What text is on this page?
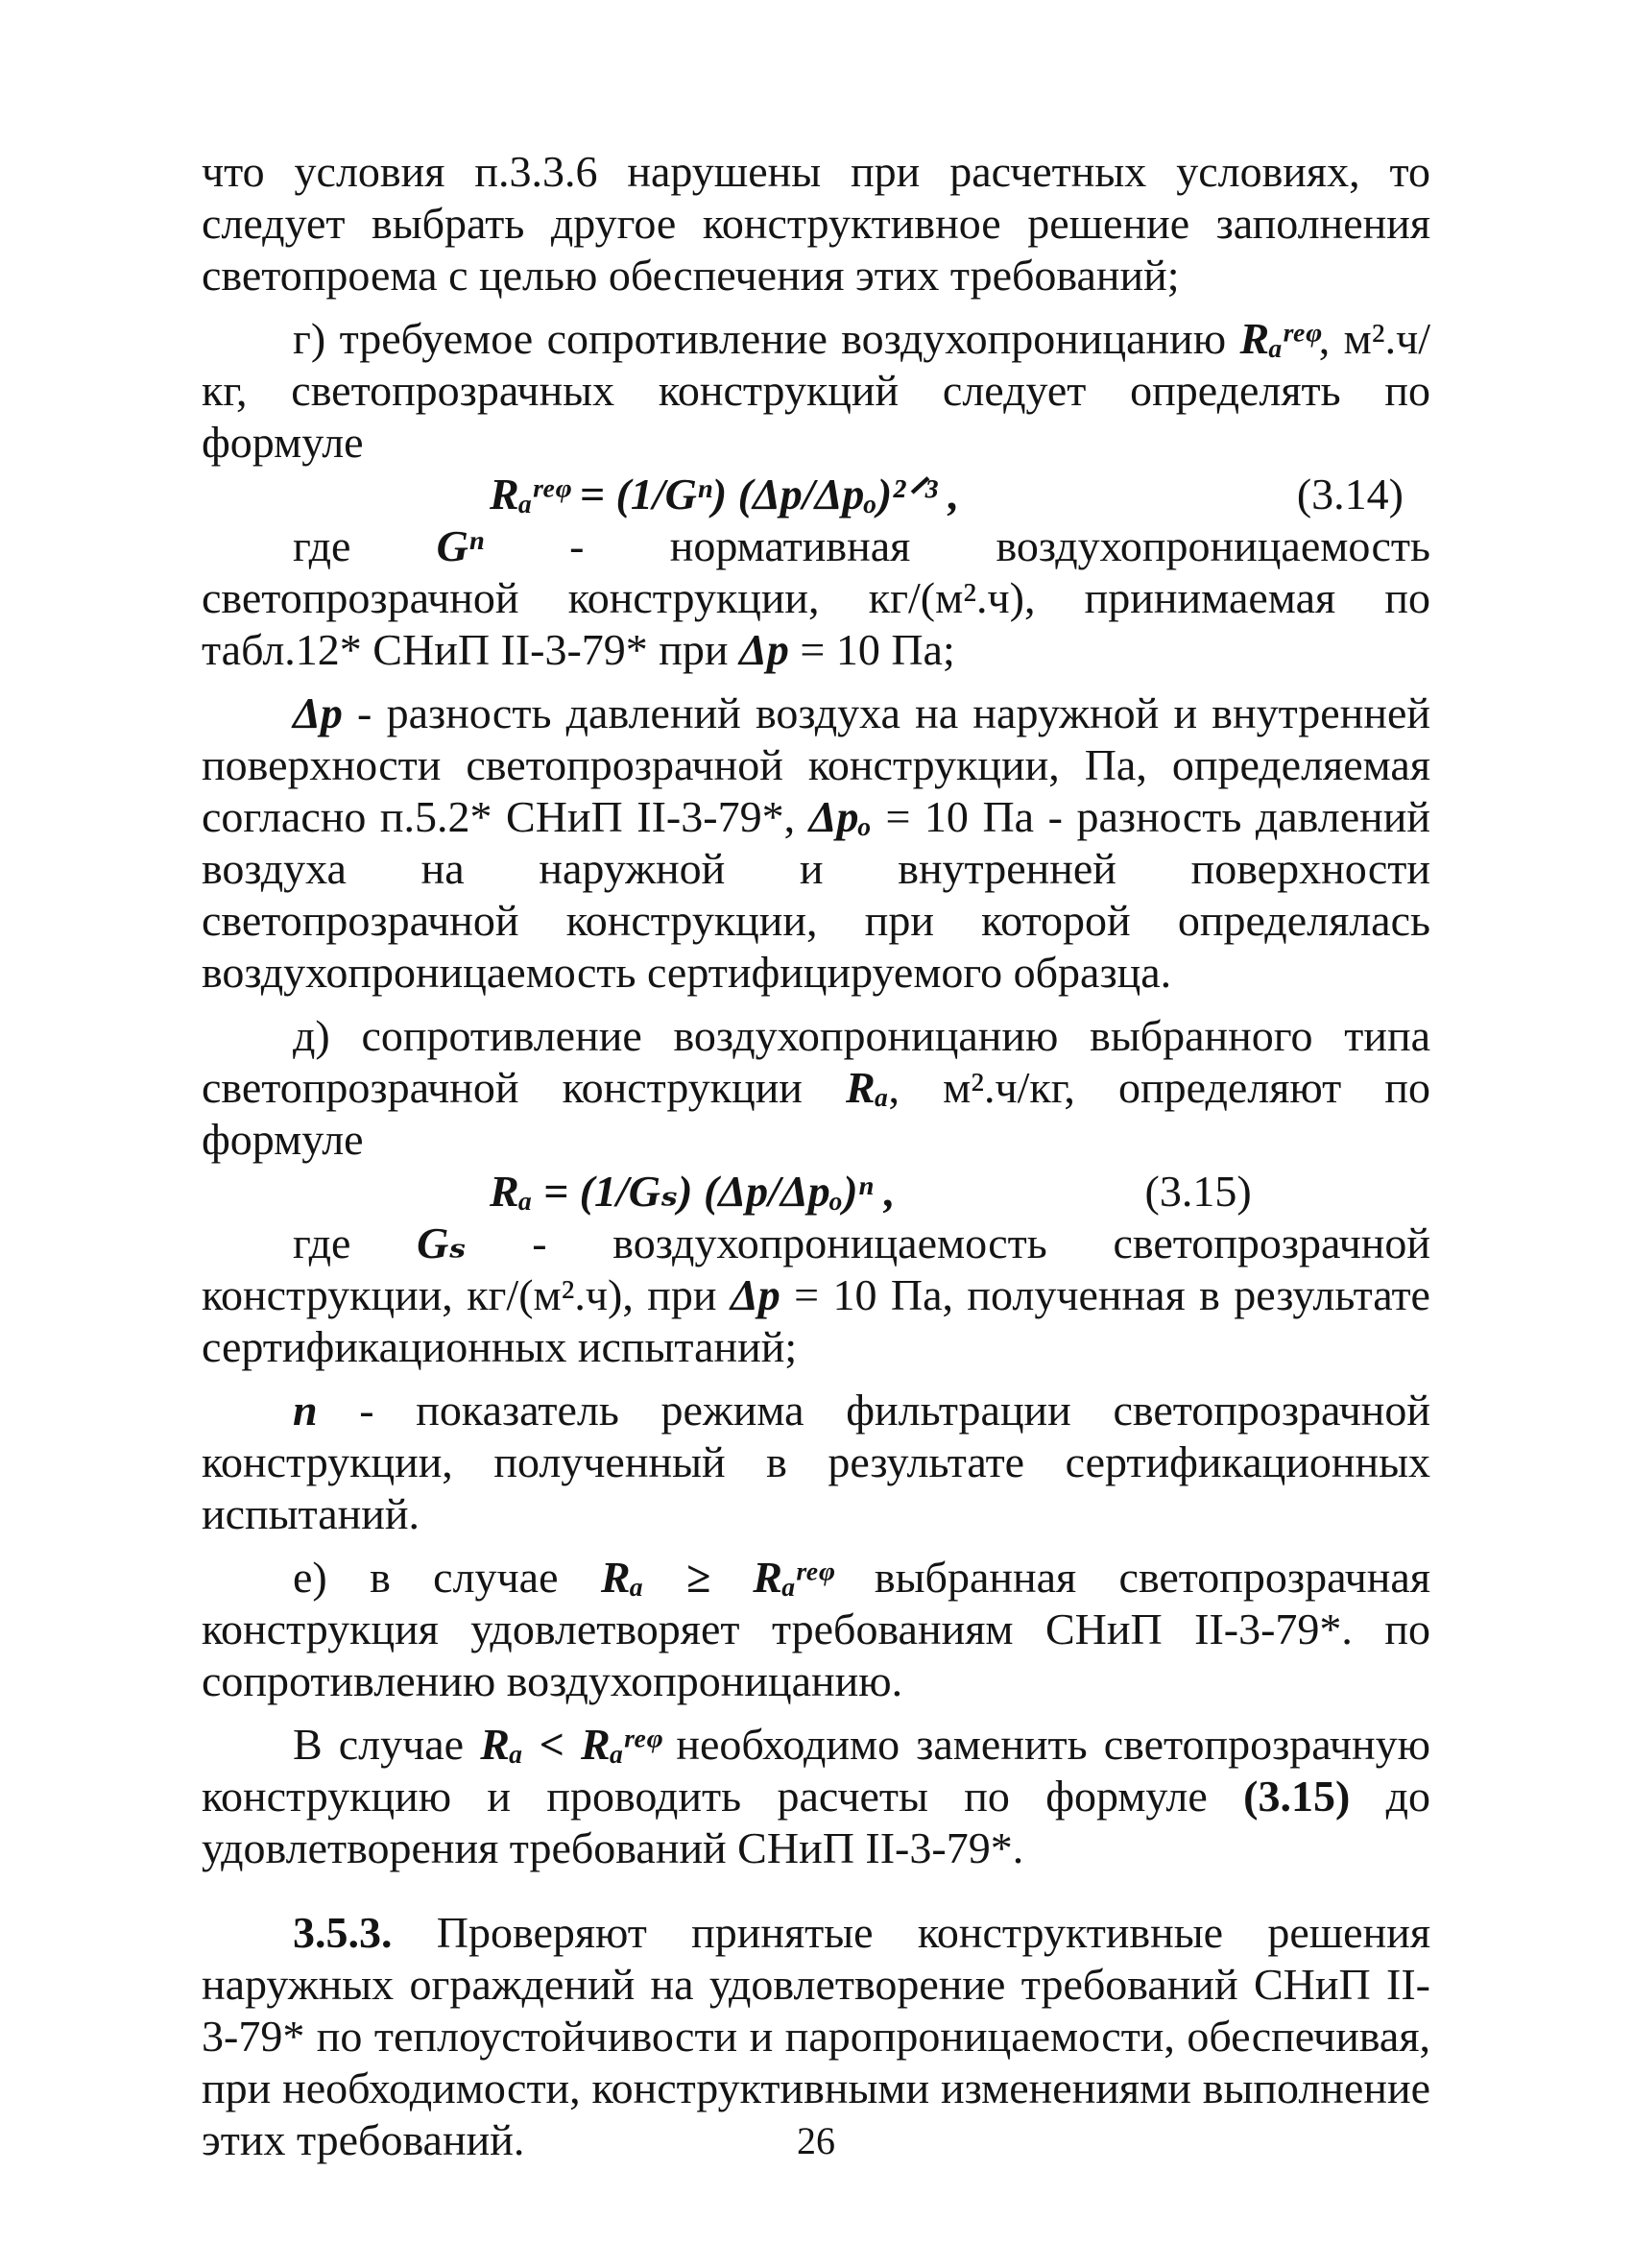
что условия п.3.3.6 нарушены при расчетных условиях, то следует выбрать другое конструктивное решение заполнения светопроема с целью обеспечения этих требований;

г) требуемое сопротивление воздухопроницанию Rₐʳᵉᵠ, м².ч/кг, светопрозрачных конструкций следует определять по формуле

Rₐʳᵉᵠ = (1/Gⁿ) (Δp/Δpₒ)²ᐟ³ ,	(3.14)

где Gⁿ - нормативная воздухопроницаемость светопрозрачной конструкции, кг/(м².ч), принимаемая по табл.12* СНиП II-3-79* при Δp = 10 Па;

Δp - разность давлений воздуха на наружной и внутренней поверхности светопрозрачной конструкции, Па, определяемая согласно п.5.2* СНиП II-3-79*, Δpₒ = 10 Па - разность давлений воздуха на наружной и внутренней поверхности светопрозрачной конструкции, при которой определялась воздухопроницаемость сертифицируемого образца.

д) сопротивление воздухопроницанию выбранного типа светопрозрачной конструкции Rₐ, м².ч/кг, определяют по формуле

Rₐ = (1/Gₛ) (Δp/Δpₒ)ⁿ ,	(3.15)

где Gₛ - воздухопроницаемость светопрозрачной конструкции, кг/(м².ч), при Δp = 10 Па, полученная в результате сертификационных испытаний;

n - показатель режима фильтрации светопрозрачной конструкции, полученный в результате сертификационных испытаний.

е) в случае Rₐ ≥ Rₐʳᵉᵠ выбранная светопрозрачная конструкция удовлетворяет требованиям СНиП II-3-79*. по сопротивлению воздухопроницанию.

В случае Rₐ < Rₐʳᵉᵠ необходимо заменить светопрозрачную конструкцию и проводить расчеты по формуле (3.15) до удовлетворения требований СНиП II-3-79*.

3.5.3. Проверяют принятые конструктивные решения наружных ограждений на удовлетворение требований СНиП II-3-79* по теплоустойчивости и паропроницаемости, обеспечивая, при необходимости, конструктивными изменениями выполнение этих требований.	26
